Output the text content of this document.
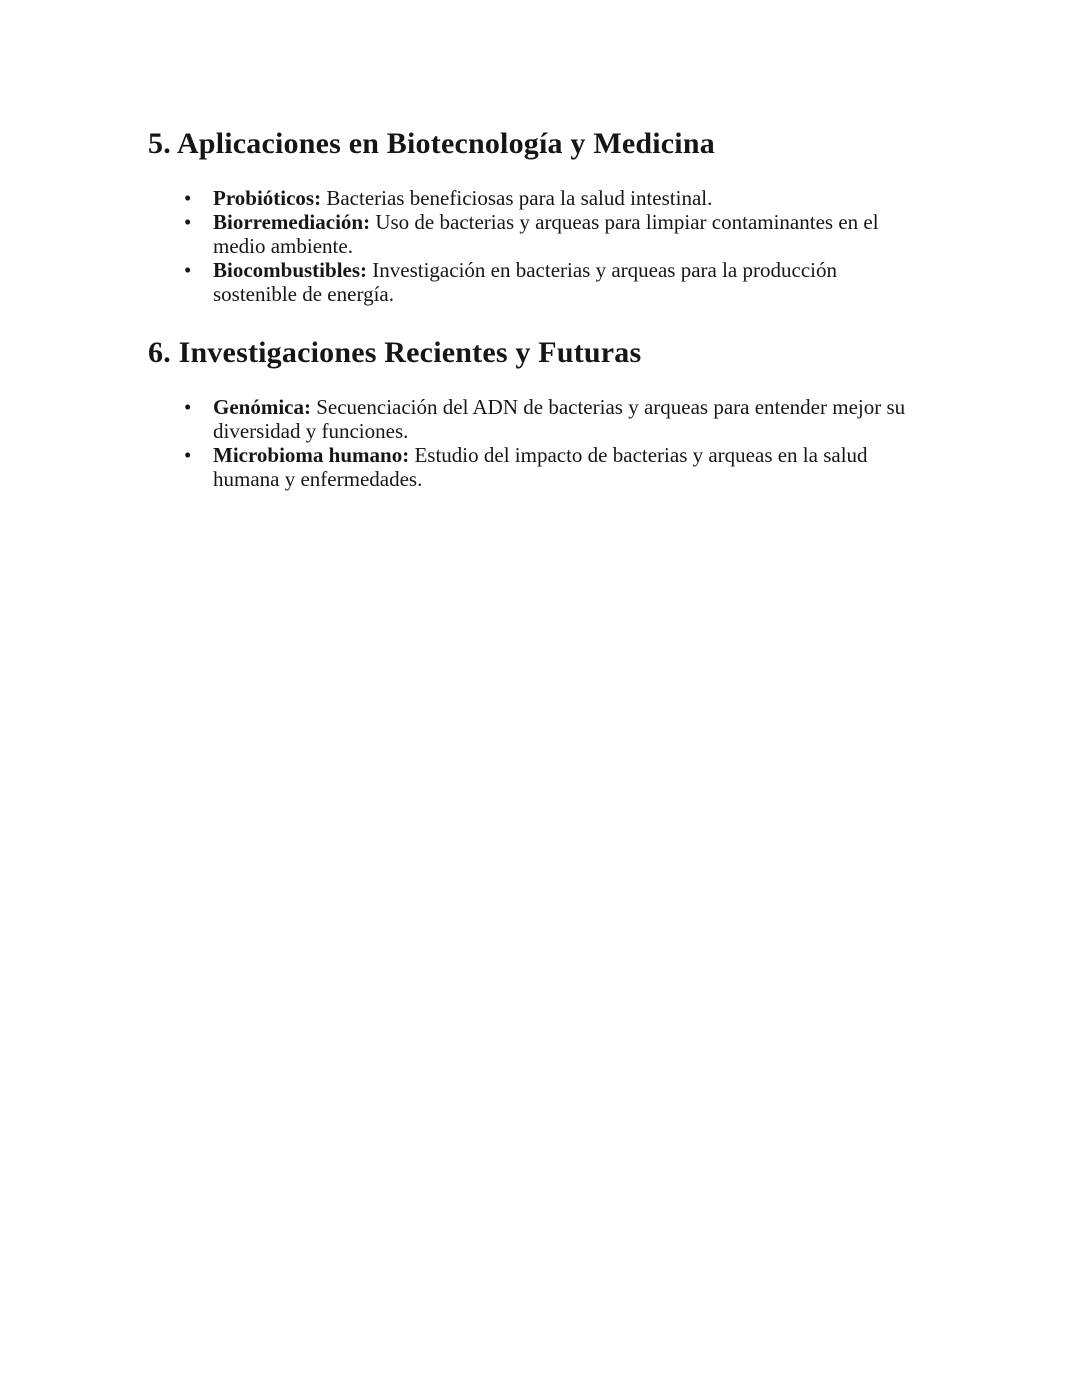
5. Aplicaciones en Biotecnología y Medicina
• Probióticos: Bacterias beneficiosas para la salud intestinal.
• Biorremediación: Uso de bacterias y arqueas para limpiar contaminantes en el medio ambiente.
• Biocombustibles: Investigación en bacterias y arqueas para la producción sostenible de energía.
6. Investigaciones Recientes y Futuras
• Genómica: Secuenciación del ADN de bacterias y arqueas para entender mejor su diversidad y funciones.
• Microbioma humano: Estudio del impacto de bacterias y arqueas en la salud humana y enfermedades.
